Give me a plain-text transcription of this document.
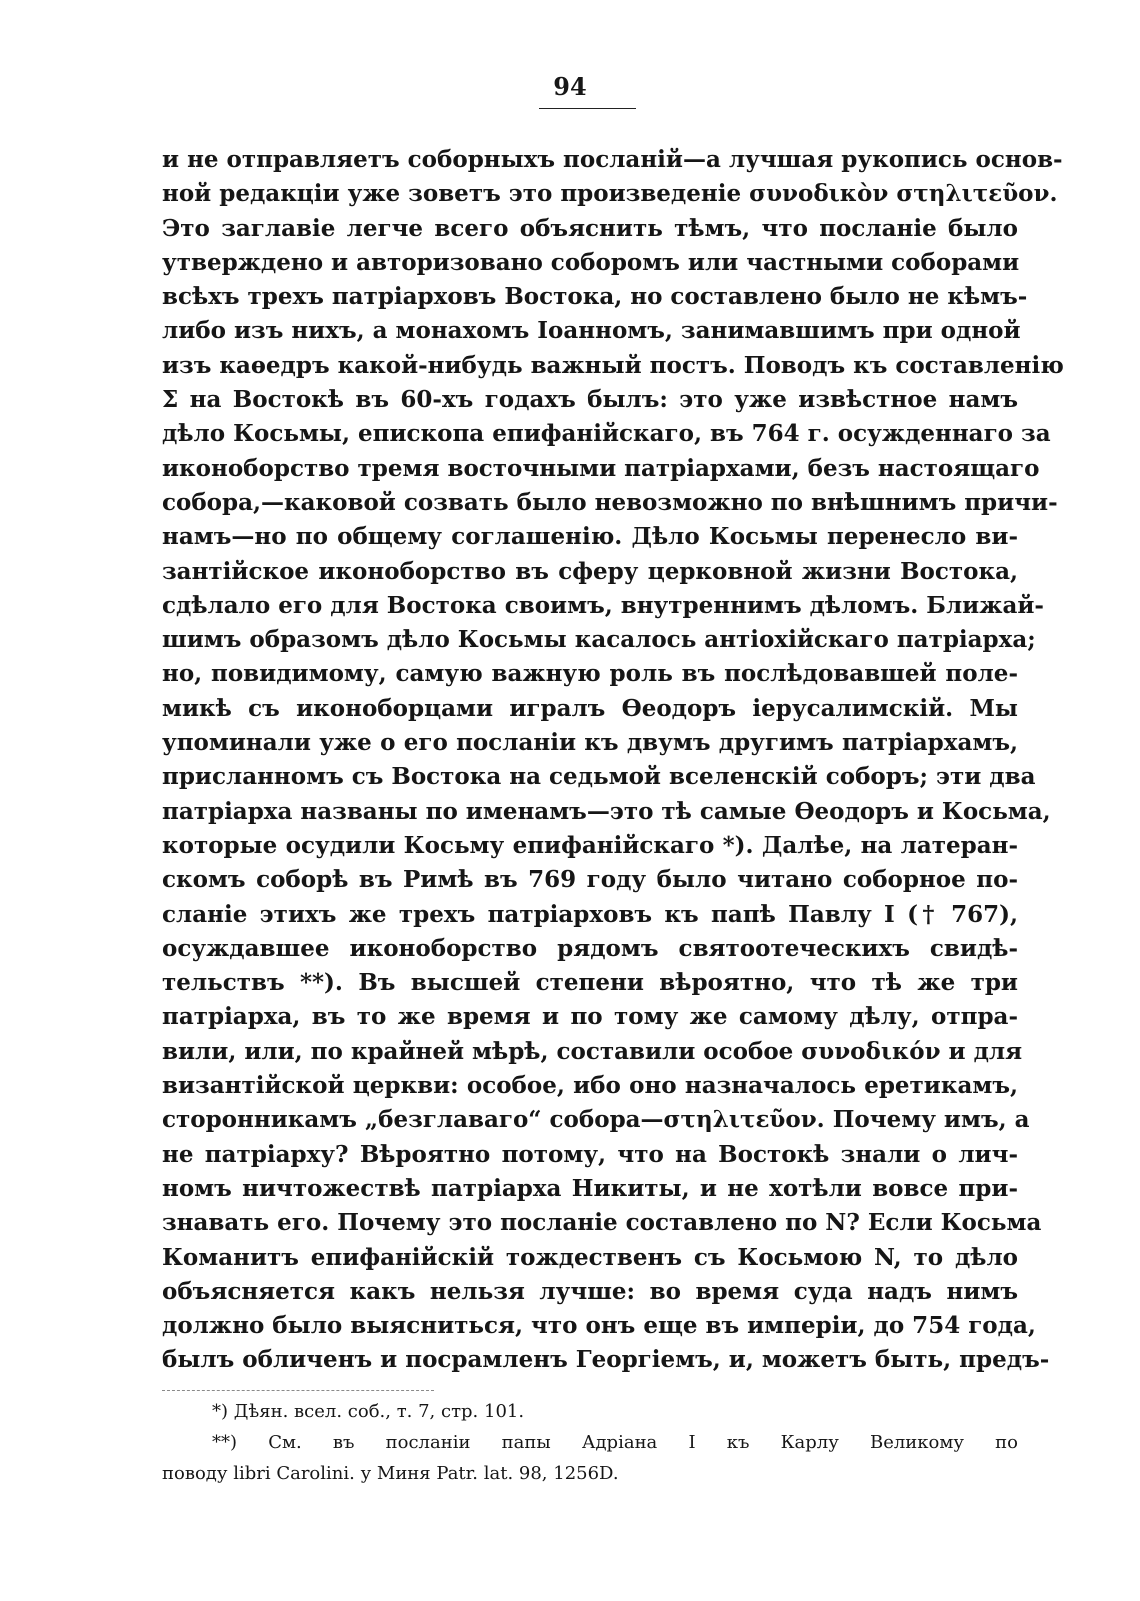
94
и не отправляетъ соборныхъ посланій—а лучшая рукопись основ-
ной редакціи уже зоветъ это произведеніе συνοδικὸν στηλιτεῦον.
Это заглавіе легче всего объяснить тѣмъ, что посланіе было
утверждено и авторизовано соборомъ или частными соборами
всѣхъ трехъ патріарховъ Востока, но составлено было не кѣмъ-
либо изъ нихъ, а монахомъ Іоанномъ, занимавшимъ при одной
изъ каѳедръ какой-нибудь важный постъ. Поводъ къ составленію
Σ на Востокѣ въ 60-хъ годахъ былъ: это уже извѣстное намъ
дѣло Косьмы, епископа епифанійскаго, въ 764 г. осужденнаго за
иконоборство тремя восточными патріархами, безъ настоящаго
собора,—каковой созвать было невозможно по внѣшнимъ причи-
намъ—но по общему соглашенію. Дѣло Косьмы перенесло ви-
зантійское иконоборство въ сферу церковной жизни Востока,
сдѣлало его для Востока своимъ, внутреннимъ дѣломъ. Ближай-
шимъ образомъ дѣло Косьмы касалось антіохійскаго патріарха;
но, повидимому, самую важную роль въ послѣдовавшей поле-
микѣ съ иконоборцами игралъ Ѳеодоръ іерусалимскій. Мы
упоминали уже о его посланіи къ двумъ другимъ патріархамъ,
присланномъ съ Востока на седьмой вселенскій соборъ; эти два
патріарха названы по именамъ—это тѣ самые Ѳеодоръ и Косьма,
которые осудили Косьму епифанійскаго *). Далѣе, на латеран-
скомъ соборѣ въ Римѣ въ 769 году было читано соборное по-
сланіе этихъ же трехъ патріарховъ къ папѣ Павлу I († 767),
осуждавшее иконоборство рядомъ святоотеческихъ свидѣ-
тельствъ **). Въ высшей степени вѣроятно, что тѣ же три
патріарха, въ то же время и по тому же самому дѣлу, отпра-
вили, или, по крайней мѣрѣ, составили особое συνοδικόν и для
византійской церкви: особое, ибо оно назначалось еретикамъ,
сторонникамъ „безглаваго“ собора—στηλιτεῦον. Почему имъ, а
не патріарху? Вѣроятно потому, что на Востокѣ знали о лич-
номъ ничтожествѣ патріарха Никиты, и не хотѣли вовсе при-
знавать его. Почему это посланіе составлено по N? Если Косьма
Команитъ епифанійскій тождественъ съ Косьмою N, то дѣло
объясняется какъ нельзя лучше: во время суда надъ нимъ
должно было выясниться, что онъ еще въ имперіи, до 754 года,
былъ обличенъ и посрамленъ Георгіемъ, и, можетъ быть, предъ-
*) Дѣян. всел. соб., т. 7, стр. 101.
**) См. въ посланіи папы Адріана I къ Карлу Великому по
поводу libri Carolini. у Миня Patr. lat. 98, 1256D.
